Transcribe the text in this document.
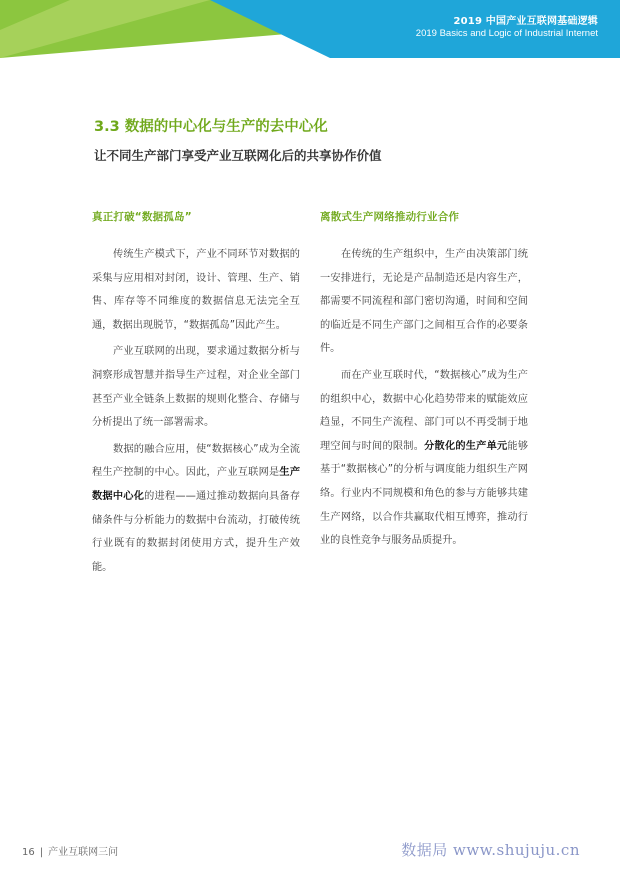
2019 中国产业互联网基础逻辑
2019 Basics and Logic of Industrial Internet
3.3 数据的中心化与生产的去中心化
让不同生产部门享受产业互联网化后的共享协作价值
真正打破“数据孤岛”

传统生产模式下，产业不同环节对数据的采集与应用相对封闭，设计、管理、生产、销售、库存等不同维度的数据信息无法完全互通，数据出现脱节，“数据孤岛”因此产生。

产业互联网的出现，要求通过数据分析与洞察形成智慧并指导生产过程，对企业全部门甚至产业全链条上数据的规则化整合、存储与分析提出了统一部署需求。

数据的融合应用，使“数据核心”成为全流程生产控制的中心。因此，产业互联网是生产数据中心化的进程——通过推动数据向具备存储条件与分析能力的数据中台流动，打破传统行业既有的数据封闭使用方式，提升生产效能。

离散式生产网络推动行业合作

在传统的生产组织中，生产由决策部门统一安排进行，无论是产品制造还是内容生产，都需要不同流程和部门密切沟通，时间和空间的临近是不同生产部门之间相互合作的必要条件。

而在产业互联时代，“数据核心”成为生产的组织中心，数据中心化趋势带来的赋能效应趋显，不同生产流程、部门可以不再受制于地理空间与时间的限制。分散化的生产单元能够基于“数据核心”的分析与调度能力组织生产网络。行业内不同规模和角色的参与方能够共建生产网络，以合作共赢取代相互博弈，推动行业的良性竞争与服务品质提升。

16 | 产业互联网三问	数据局 www.shujuju.cn
